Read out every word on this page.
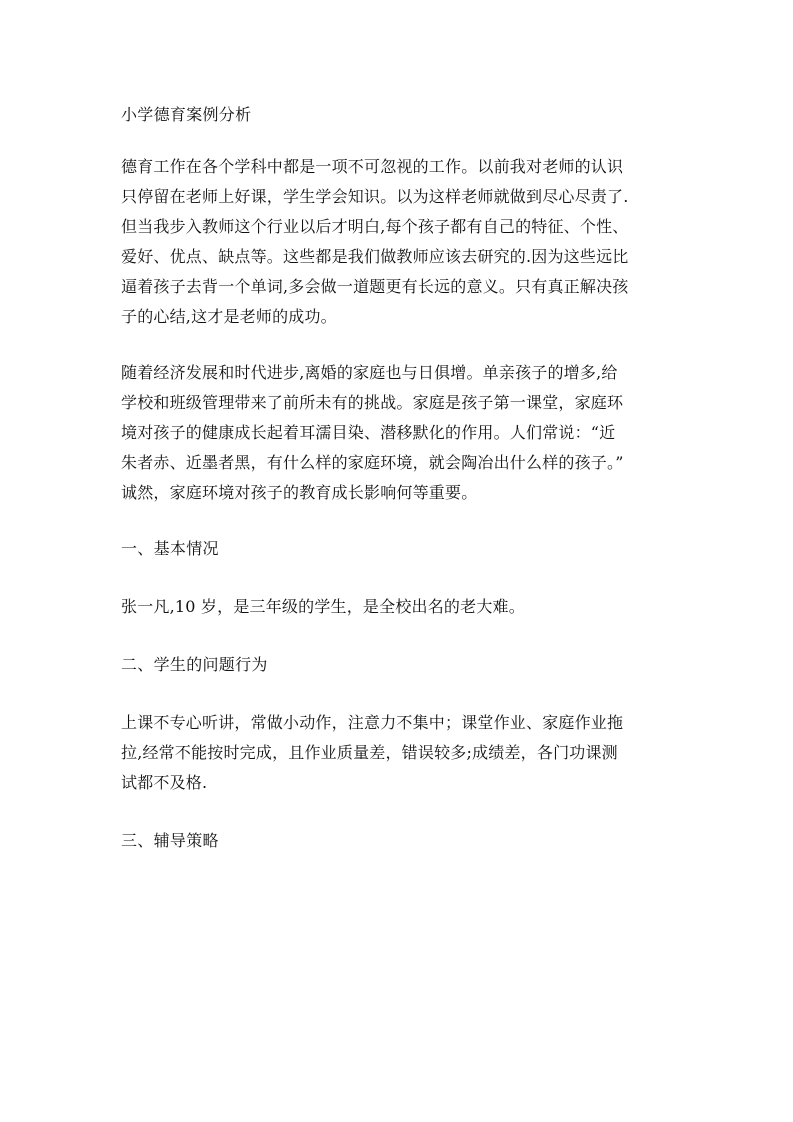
小学德育案例分析
德育工作在各个学科中都是一项不可忽视的工作。以前我对老师的认识
只停留在老师上好课，学生学会知识。以为这样老师就做到尽心尽责了.
但当我步入教师这个行业以后才明白,每个孩子都有自己的特征、个性、
爱好、优点、缺点等。这些都是我们做教师应该去研究的.因为这些远比
逼着孩子去背一个单词,多会做一道题更有长远的意义。只有真正解决孩
子的心结,这才是老师的成功。
随着经济发展和时代进步,离婚的家庭也与日俱增。单亲孩子的增多,给
学校和班级管理带来了前所未有的挑战。家庭是孩子第一课堂，家庭环
境对孩子的健康成长起着耳濡目染、潜移默化的作用。人们常说：“近
朱者赤、近墨者黑，有什么样的家庭环境，就会陶冶出什么样的孩子。”
诚然，家庭环境对孩子的教育成长影响何等重要。
一、基本情况
张一凡,10 岁，是三年级的学生，是全校出名的老大难。
二、学生的问题行为
上课不专心听讲，常做小动作，注意力不集中；课堂作业、家庭作业拖
拉,经常不能按时完成，且作业质量差，错误较多;成绩差，各门功课测
试都不及格.
三、辅导策略
